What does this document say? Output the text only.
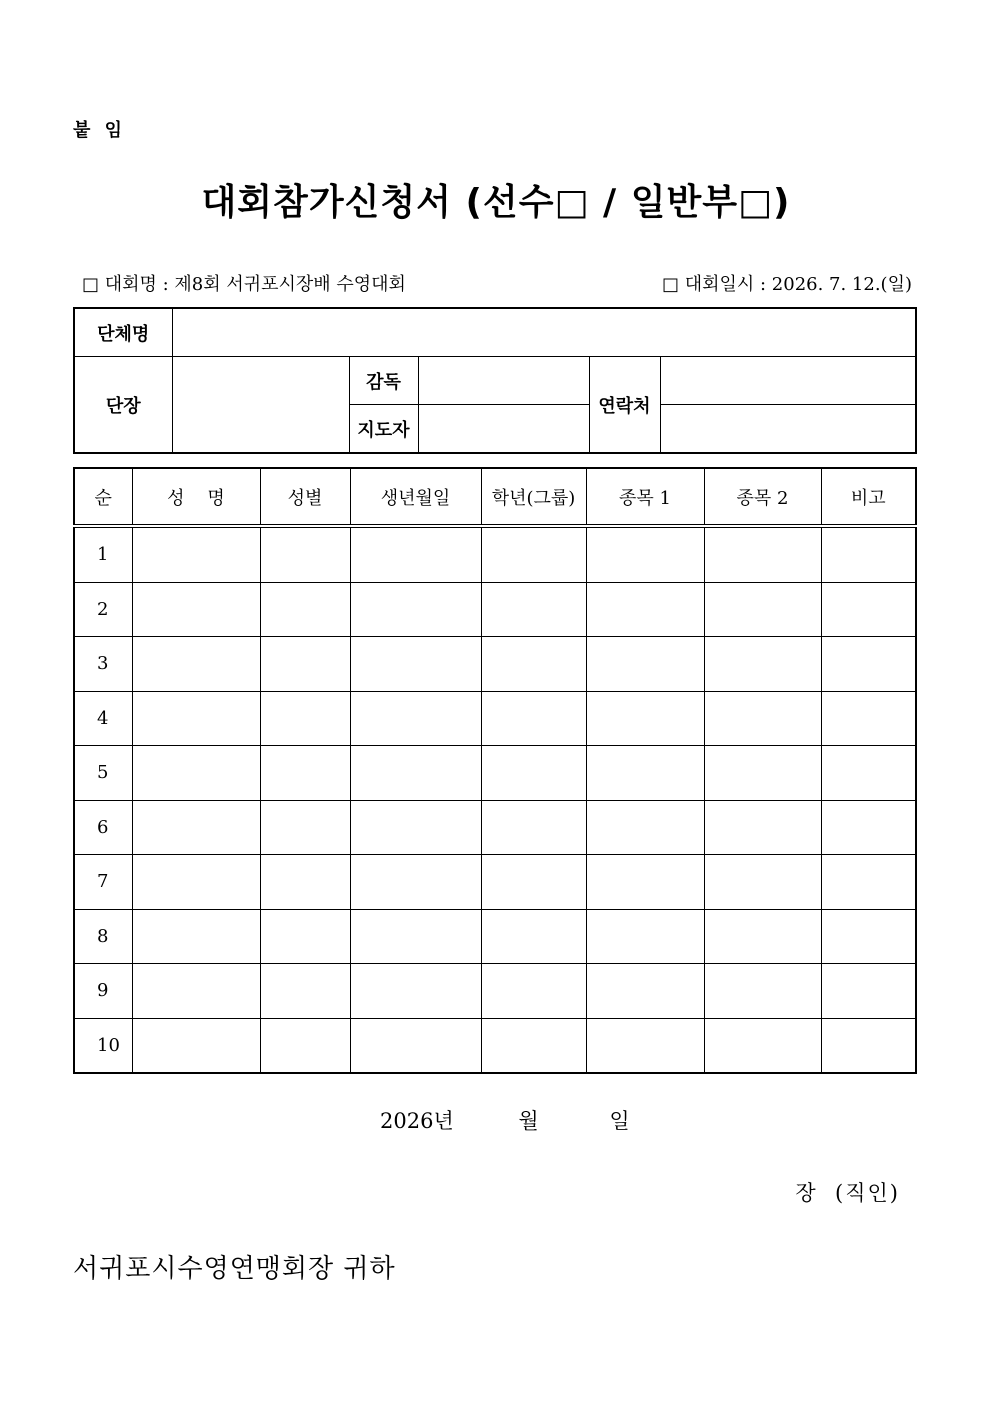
붙 임
대회참가신청서 (선수□ / 일반부□)
□ 대회명 : 제8회 서귀포시장배 수영대회	□ 대회일시 : 2026. 7. 12.(일)
단체명					
단장		감독		연락처	
		지도자			
순	성    명	성별	생년월일	학년(그룹)	종목 1	종목 2	비고
1							
2							
3							
4							
5							
6							
7							
8							
9							
10							
2026년	월	일
장  (직인)
서귀포시수영연맹회장 귀하
